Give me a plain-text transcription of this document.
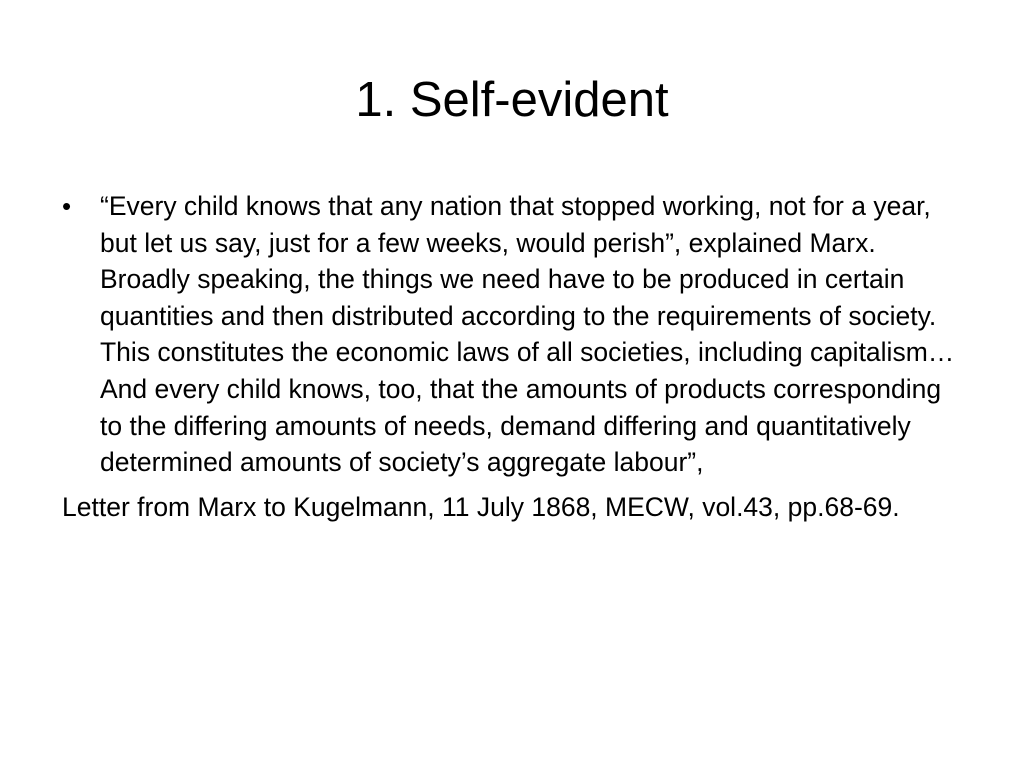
1. Self-evident

•	“Every child knows that any nation that stopped working, not for a year, but let us say, just for a few weeks, would perish”, explained Marx. Broadly speaking, the things we need have to be produced in certain quantities and then distributed according to the requirements of society. This constitutes the economic laws of all societies, including capitalism… And every child knows, too, that the amounts of products corresponding to the differing amounts of needs, demand differing and quantitatively determined amounts of society’s aggregate labour”,

Letter from Marx to Kugelmann, 11 July 1868, MECW, vol.43, pp.68-69.
